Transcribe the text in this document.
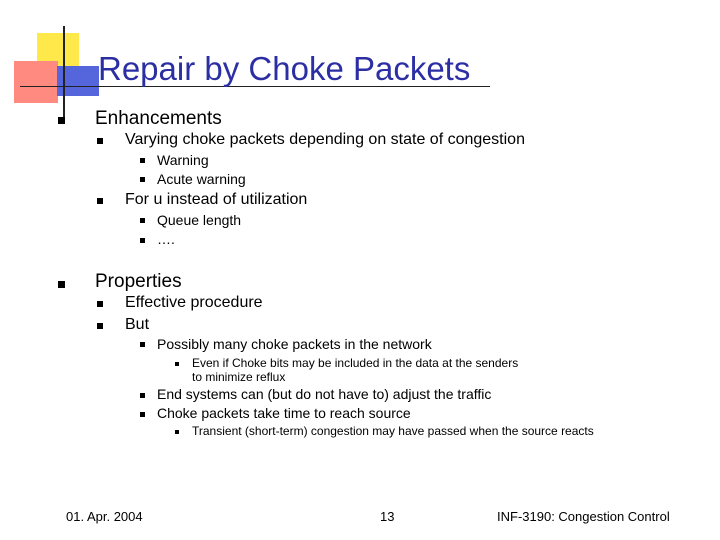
Repair by Choke Packets
Enhancements
Varying choke packets depending on state of congestion
Warning
Acute warning
For u instead of utilization
Queue length
….
Properties
Effective procedure
But
Possibly many choke packets in the network
Even if Choke bits may be included in the data at the senders
to minimize reflux
End systems can (but do not have to) adjust the traffic
Choke packets take time to reach source
Transient (short-term) congestion may have passed when the source reacts
01. Apr. 2004	13	INF-3190: Congestion Control
